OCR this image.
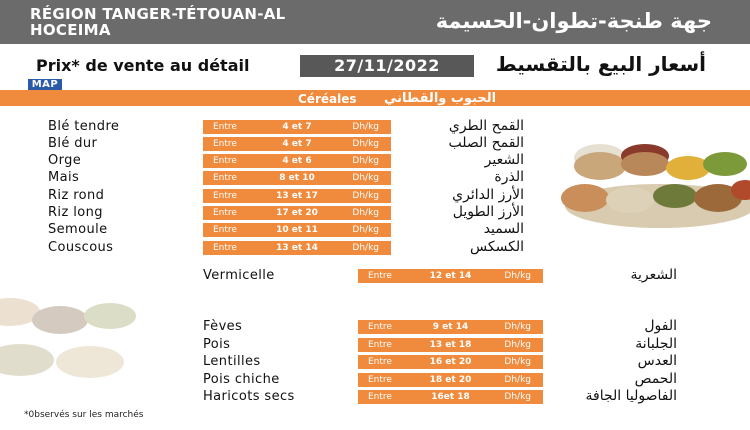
RÉGION TANGER-TÉTOUAN-AL HOCEIMA	جهة طنجة-تطوان-الحسيمة
Prix* de vente au détail	27/11/2022	أسعار البيع بالتقسيط
MAP
Céréales الحبوب والقطاني
Blé tendre	Entre	4 et 7	Dh/kg	القمح الطري
Blé dur	Entre	4 et 7	Dh/kg	القمح الصلب
Orge	Entre	4 et 6	Dh/kg	الشعير
Mais	Entre	8 et 10	Dh/kg	الذرة
Riz rond	Entre	13 et 17	Dh/kg	الأرز الدائري
Riz long	Entre	17 et 20	Dh/kg	الأرز الطويل
Semoule	Entre	10 et 11	Dh/kg	السميد
Couscous	Entre	13 et 14	Dh/kg	الكسكس
Vermicelle	Entre	12 et 14	Dh/kg	الشعرية
Fèves	Entre	9 et 14	Dh/kg	الفول
Pois	Entre	13 et 18	Dh/kg	الجلبانة
Lentilles	Entre	16 et 20	Dh/kg	العدس
Pois chiche	Entre	18 et 20	Dh/kg	الحمص
Haricots secs	Entre	16et 18	Dh/kg	الفاصوليا الجافة
*0bservés sur les marchés
